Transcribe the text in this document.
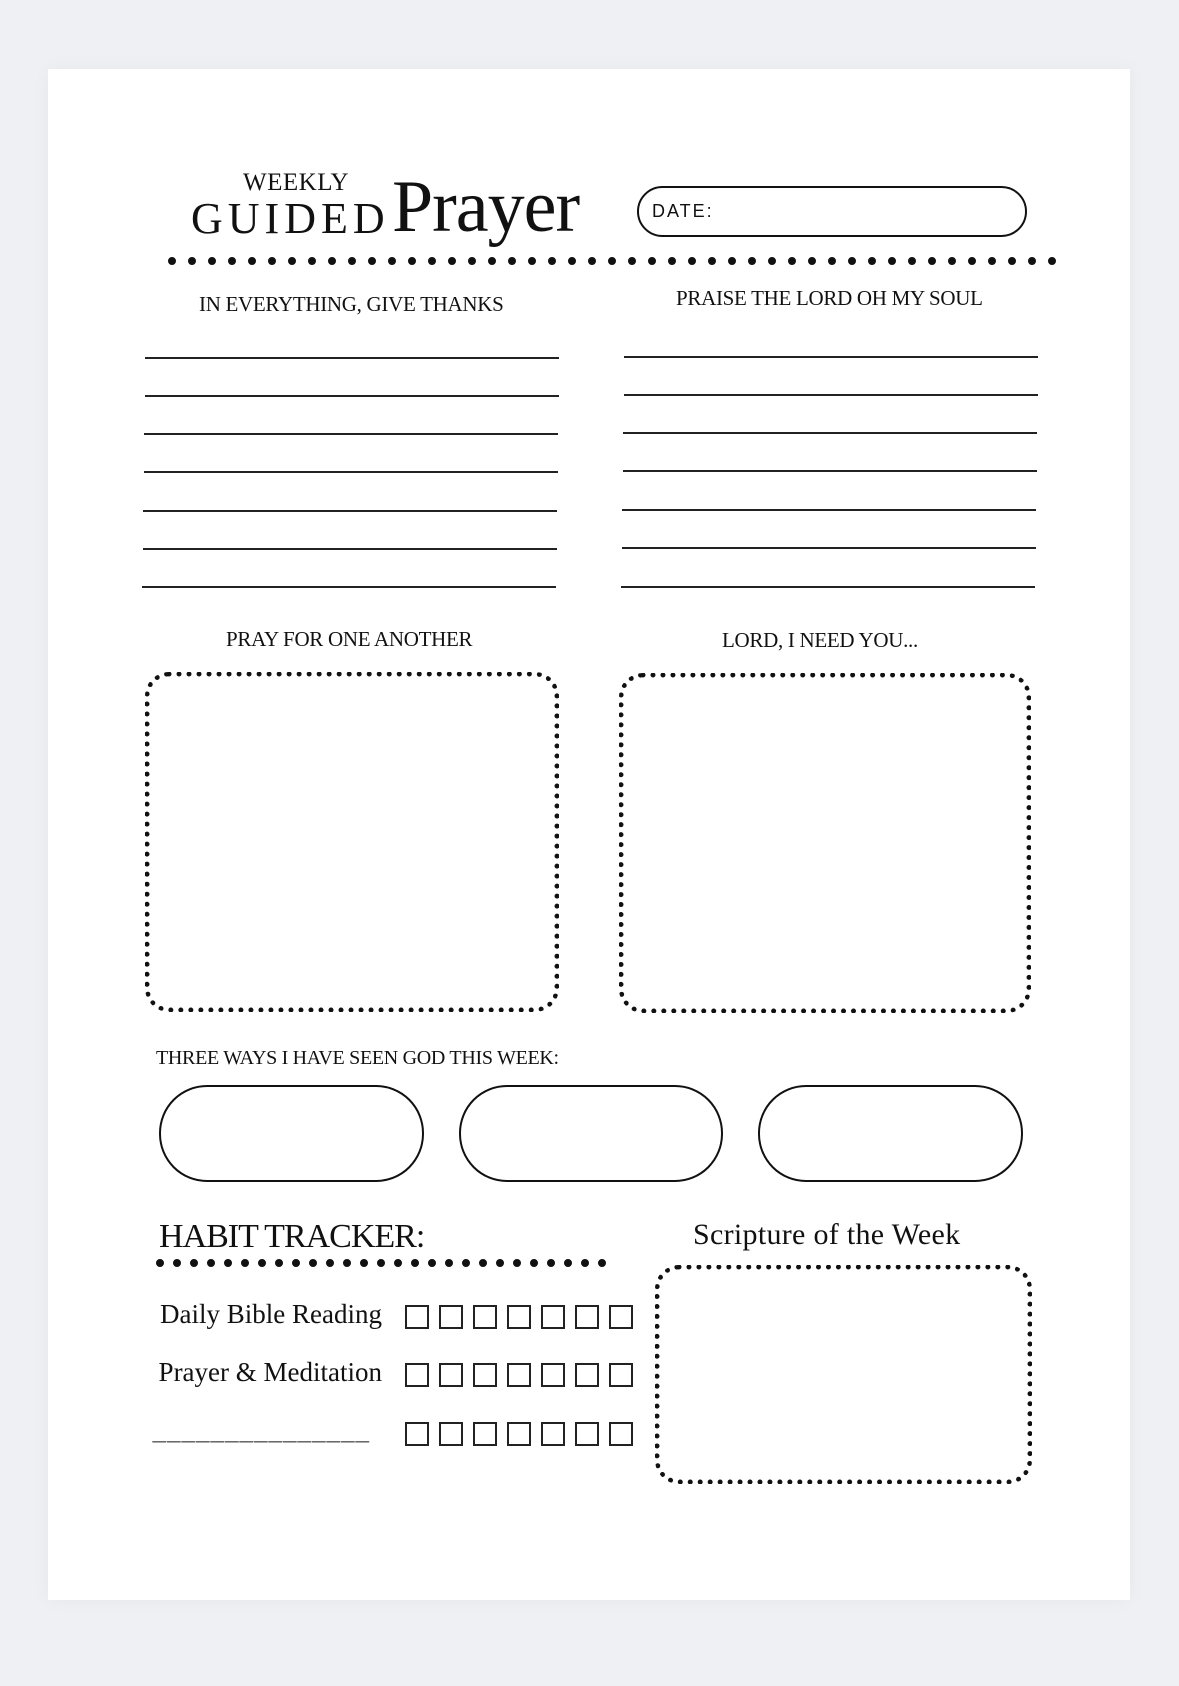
WEEKLY
GUIDED Prayer	DATE:
IN EVERYTHING, GIVE THANKS	PRAISE THE LORD OH MY SOUL
PRAY FOR ONE ANOTHER	LORD, I NEED YOU...
THREE WAYS I HAVE SEEN GOD THIS WEEK:
HABIT TRACKER:
Daily Bible Reading
Prayer & Meditation
_______________
Scripture of the Week
